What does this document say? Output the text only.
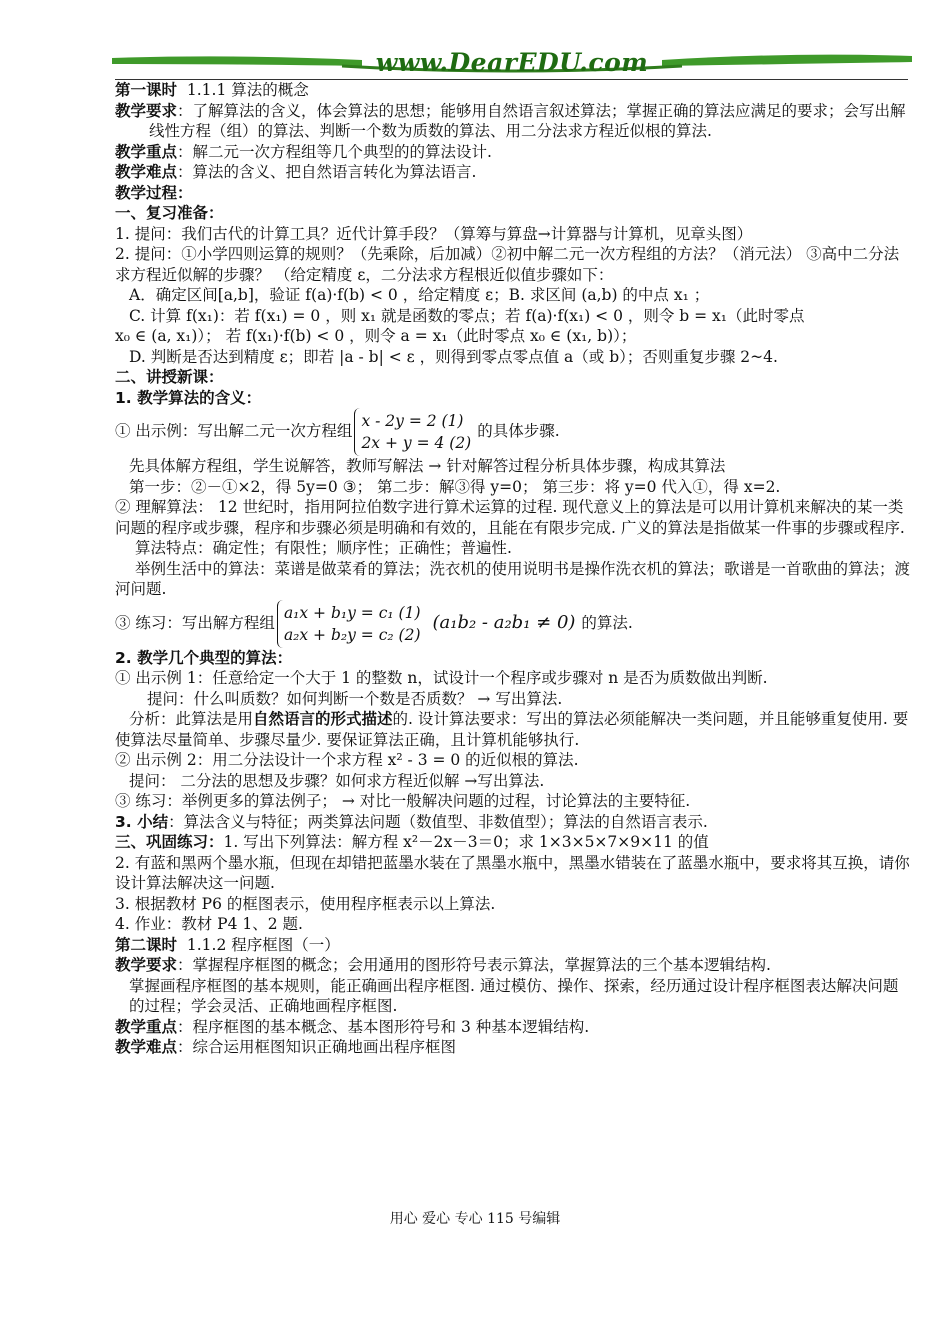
www.DearEDU.com

第一课时 1.1.1 算法的概念

教学要求：了解算法的含义，体会算法的思想；能够用自然语言叙述算法；掌握正确的算法应满足的要求；会写出解线性方程（组）的算法、判断一个数为质数的算法、用二分法求方程近似根的算法.

教学重点：解二元一次方程组等几个典型的的算法设计.

教学难点：算法的含义、把自然语言转化为算法语言.

教学过程：

一、复习准备：

1. 提问：我们古代的计算工具？近代计算手段？（算筹与算盘→计算器与计算机，见章头图）

2. 提问：①小学四则运算的规则？（先乘除，后加减）②初中解二元一次方程组的方法？（消元法） ③高中二分法求方程近似解的步骤？ （给定精度 ε，二分法求方程根近似值步骤如下：

A．确定区间[a,b]，验证 f(a)·f(b) < 0 ，给定精度 ε；B. 求区间 (a,b) 的中点 x₁ ；

C. 计算 f(x₁)：若 f(x₁) = 0 ，则 x₁ 就是函数的零点；若 f(a)·f(x₁) < 0 ，则令 b = x₁（此时零点

x₀ ∈ (a, x₁)）； 若 f(x₁)·f(b) < 0 ，则令 a = x₁（此时零点 x₀ ∈ (x₁, b)）；

D. 判断是否达到精度 ε；即若 |a - b| < ε ，则得到零点零点值 a（或 b）；否则重复步骤 2~4.

二、讲授新课：

1. 教学算法的含义：

① 出示例：写出解二元一次方程组
x - 2y = 2 (1)
2x + y = 4 (2)
的具体步骤.

先具体解方程组，学生说解答，教师写解法 → 针对解答过程分析具体步骤，构成其算法

第一步：②－①×2，得 5y=0 ③； 第二步：解③得 y=0； 第三步：将 y=0 代入①，得 x=2.

② 理解算法： 12 世纪时，指用阿拉伯数字进行算术运算的过程. 现代意义上的算法是可以用计算机来解决的某一类问题的程序或步骤，程序和步骤必须是明确和有效的，且能在有限步完成. 广义的算法是指做某一件事的步骤或程序.

算法特点：确定性；有限性；顺序性；正确性；普遍性.

举例生活中的算法：菜谱是做菜肴的算法；洗衣机的使用说明书是操作洗衣机的算法；歌谱是一首歌曲的算法；渡河问题.

③ 练习：写出解方程组
a₁x + b₁y = c₁ (1)
a₂x + b₂y = c₂ (2)
(a₁b₂ - a₂b₁ ≠ 0) 的算法.

2. 教学几个典型的算法：

① 出示例 1：任意给定一个大于 1 的整数 n，试设计一个程序或步骤对 n 是否为质数做出判断.

提问：什么叫质数？如何判断一个数是否质数？ → 写出算法.

分析：此算法是用自然语言的形式描述的. 设计算法要求：写出的算法必须能解决一类问题，并且能够重复使用. 要使算法尽量简单、步骤尽量少. 要保证算法正确，且计算机能够执行.

② 出示例 2：用二分法设计一个求方程 x² - 3 = 0 的近似根的算法.

提问： 二分法的思想及步骤？如何求方程近似解 →写出算法.

③ 练习：举例更多的算法例子； → 对比一般解决问题的过程，讨论算法的主要特征.

3. 小结：算法含义与特征；两类算法问题（数值型、非数值型）；算法的自然语言表示.

三、巩固练习：1. 写出下列算法：解方程 x²－2x－3＝0；求 1×3×5×7×9×11 的值

2. 有蓝和黑两个墨水瓶，但现在却错把蓝墨水装在了黑墨水瓶中，黑墨水错装在了蓝墨水瓶中，要求将其互换，请你设计算法解决这一问题.

3. 根据教材 P6 的框图表示，使用程序框表示以上算法.

4. 作业：教材 P4 1、2 题.

第二课时 1.1.2 程序框图（一）

教学要求：掌握程序框图的概念；会用通用的图形符号表示算法，掌握算法的三个基本逻辑结构.

掌握画程序框图的基本规则，能正确画出程序框图. 通过模仿、操作、探索，经历通过设计程序框图表达解决问题的过程；学会灵活、正确地画程序框图.

教学重点：程序框图的基本概念、基本图形符号和 3 种基本逻辑结构.

教学难点：综合运用框图知识正确地画出程序框图

用心 爱心 专心 115 号编辑
